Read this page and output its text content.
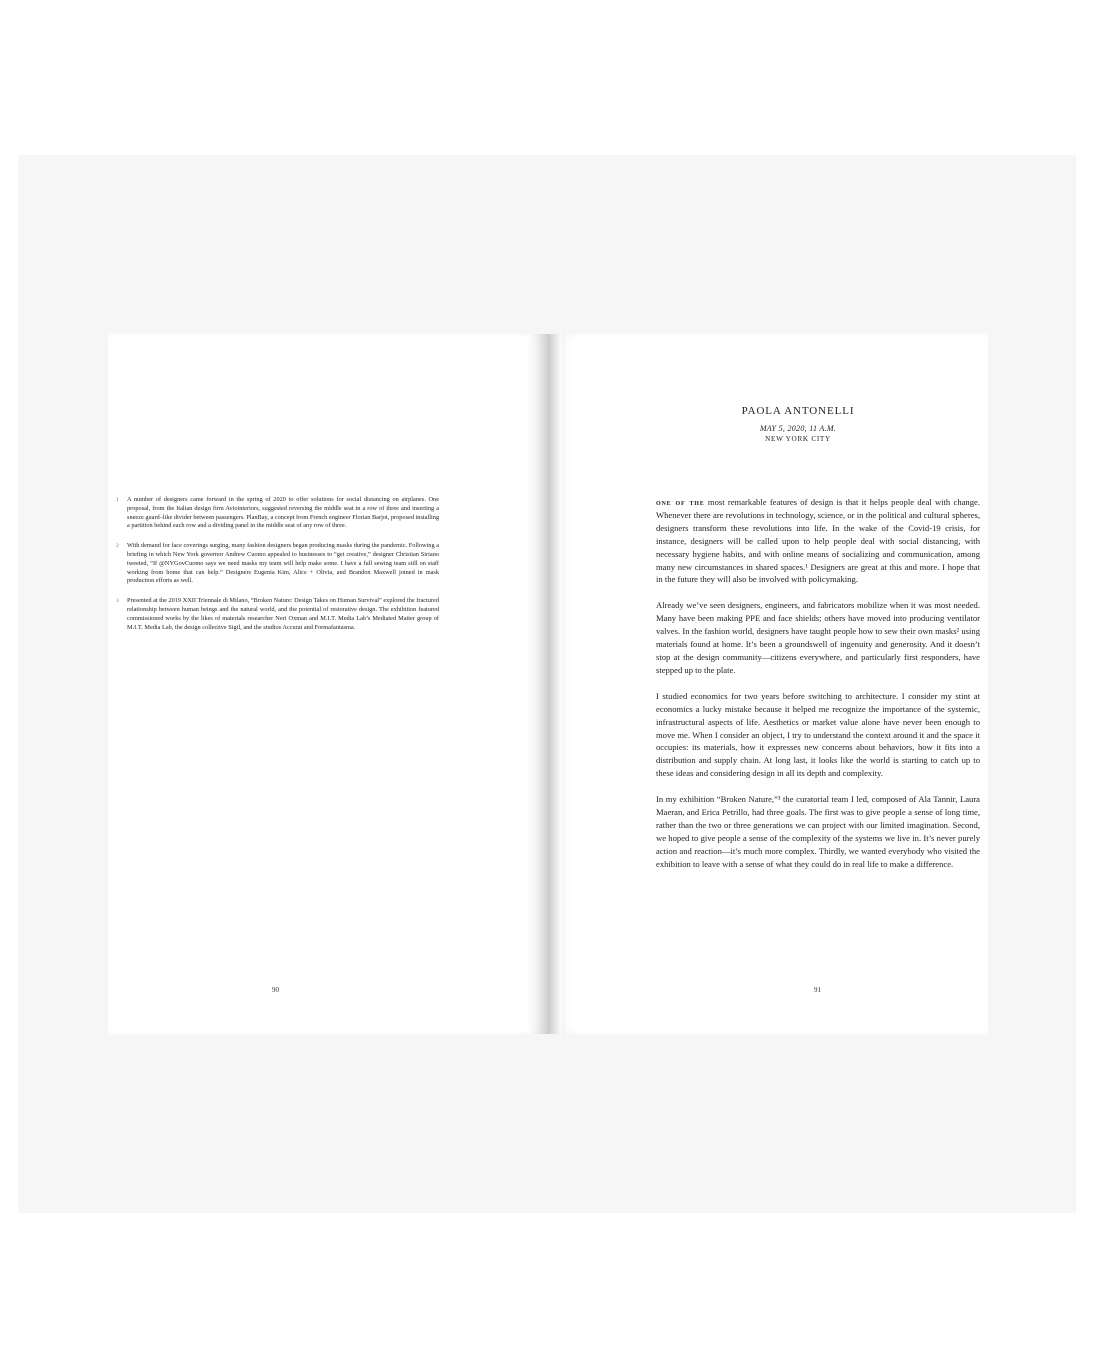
1 A number of designers came forward in the spring of 2020 to offer solutions for social distancing on airplanes. One proposal, from the Italian design firm Aviointeriors, suggested reversing the middle seat in a row of three and inserting a sneeze guard–like divider between passengers. PlanBay, a concept from French engineer Florian Barjot, proposed installing a partition behind each row and a dividing panel in the middle seat of any row of three.
2 With demand for face coverings surging, many fashion designers began producing masks during the pandemic. Following a briefing in which New York governor Andrew Cuomo appealed to businesses to “get creative,” designer Christian Siriano tweeted, “If @NYGovCuomo says we need masks my team will help make some. I have a full sewing team still on staff working from home that can help.” Designers Eugenia Kim, Alice + Olivia, and Brandon Maxwell joined in mask production efforts as well.
3 Presented at the 2019 XXII Triennale di Milano, “Broken Nature: Design Takes on Human Survival” explored the fractured relationship between human beings and the natural world, and the potential of restorative design. The exhibition featured commissioned works by the likes of materials researcher Neri Oxman and M.I.T. Media Lab’s Mediated Matter group of M.I.T. Media Lab, the design collective Sigil, and the studios Accurat and Formafantasma.
90
PAOLA ANTONELLI
MAY 5, 2020, 11 A.M.
NEW YORK CITY

one of the most remarkable features of design is that it helps people deal with change. Whenever there are revolutions in technology, science, or in the political and cultural spheres, designers transform these revolutions into life. In the wake of the Covid-19 crisis, for instance, designers will be called upon to help people deal with social distancing, with necessary hygiene habits, and with online means of socializing and communication, among many new circumstances in shared spaces.¹ Designers are great at this and more. I hope that in the future they will also be involved with policymaking.

Already we’ve seen designers, engineers, and fabricators mobilize when it was most needed. Many have been making PPE and face shields; others have moved into producing ventilator valves. In the fashion world, designers have taught people how to sew their own masks² using materials found at home. It’s been a groundswell of ingenuity and generosity. And it doesn’t stop at the design community—citizens everywhere, and particularly first responders, have stepped up to the plate.

I studied economics for two years before switching to architecture. I consider my stint at economics a lucky mistake because it helped me recognize the importance of the systemic, infrastructural aspects of life. Aesthetics or market value alone have never been enough to move me. When I consider an object, I try to understand the context around it and the space it occupies: its materials, how it expresses new concerns about behaviors, how it fits into a distribution and supply chain. At long last, it looks like the world is starting to catch up to these ideas and considering design in all its depth and complexity.

In my exhibition “Broken Nature,”³ the curatorial team I led, composed of Ala Tannir, Laura Maeran, and Erica Petrillo, had three goals. The first was to give people a sense of long time, rather than the two or three generations we can project with our limited imagination. Second, we hoped to give people a sense of the complexity of the systems we live in. It’s never purely action and reaction—it’s much more complex. Thirdly, we wanted everybody who visited the exhibition to leave with a sense of what they could do in real life to make a difference.

91
